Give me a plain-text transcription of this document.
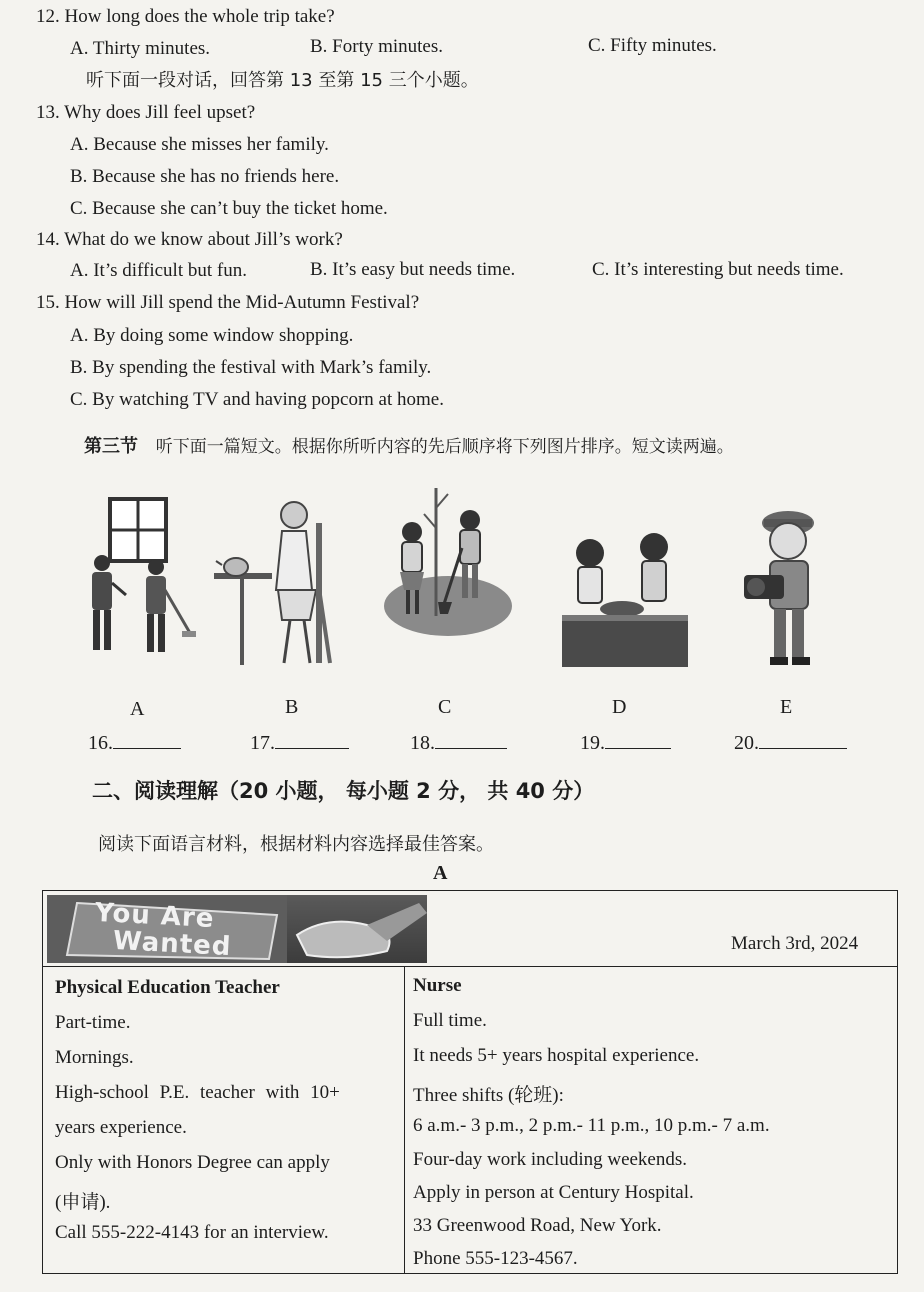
12. How long does the whole trip take?
A. Thirty minutes.	B. Forty minutes.	C. Fifty minutes.
听下面一段对话，回答第 13 至第 15 三个小题。
13. Why does Jill feel upset?
A. Because she misses her family.
B. Because she has no friends here.
C. Because she can’t buy the ticket home.
14. What do we know about Jill’s work?
A. It’s difficult but fun.	B. It’s easy but needs time.	C. It’s interesting but needs time.
15. How will Jill spend the Mid-Autumn Festival?
A. By doing some window shopping.
B. By spending the festival with Mark’s family.
C. By watching TV and having popcorn at home.
第三节 听下面一篇短文。根据你所听内容的先后顺序将下列图片排序。短文读两遍。
A	B	C	D	E
16.	17.	18.	19.	20.
二、阅读理解（20 小题， 每小题 2 分， 共 40 分）
阅读下面语言材料，根据材料内容选择最佳答案。
A
You Are
Wanted	March 3rd, 2024
Physical Education Teacher
Part-time.
Mornings.
High-school P.E. teacher with 10+
years experience.
Only with Honors Degree can apply
(申请).
Call 555-222-4143 for an interview.
Nurse
Full time.
It needs 5+ years hospital experience.
Three shifts (轮班):
6 a.m.- 3 p.m., 2 p.m.- 11 p.m., 10 p.m.- 7 a.m.
Four-day work including weekends.
Apply in person at Century Hospital.
33 Greenwood Road, New York.
Phone 555-123-4567.
